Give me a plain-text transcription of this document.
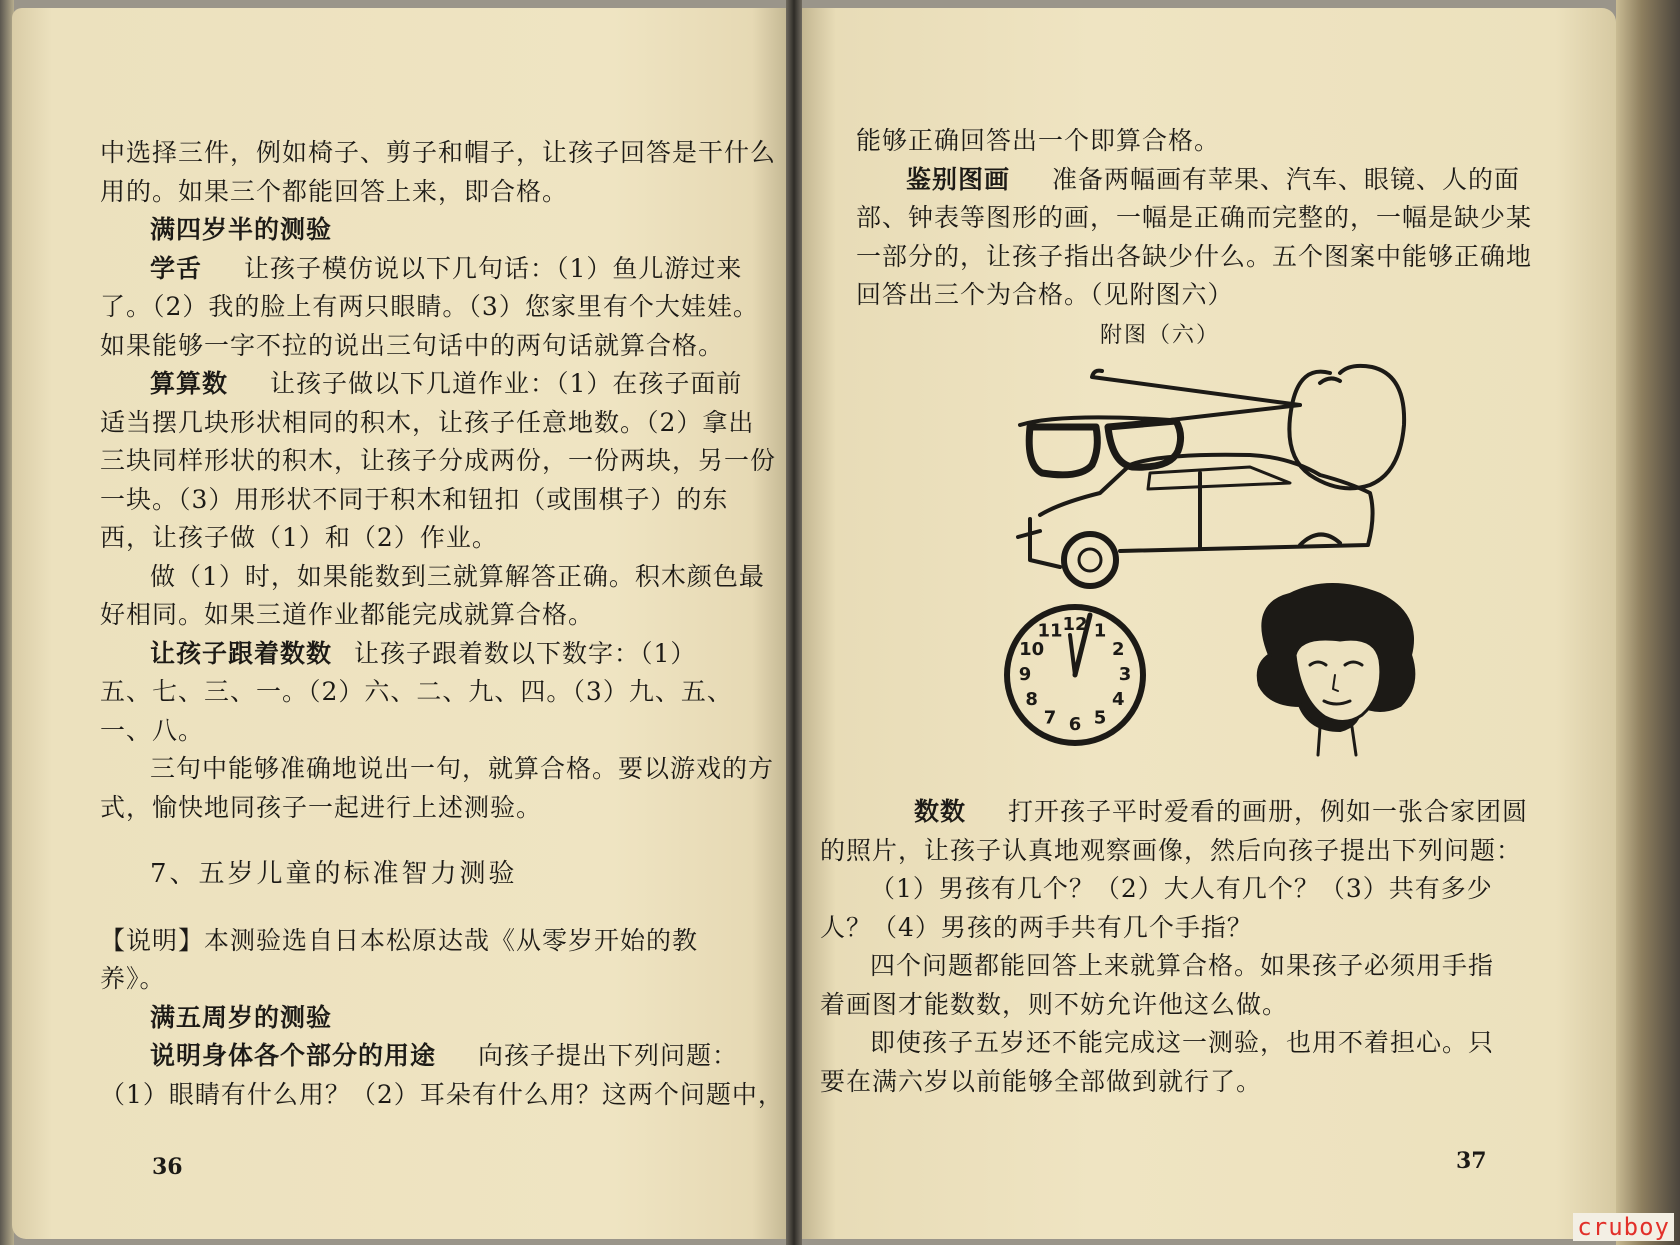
中选择三件，例如椅子、剪子和帽子，让孩子回答是干什么

用的。如果三个都能回答上来，即合格。

满四岁半的测验

学舌 让孩子模仿说以下几句话：（1）鱼儿游过来

了。（2）我的脸上有两只眼睛。（3）您家里有个大娃娃。

如果能够一字不拉的说出三句话中的两句话就算合格。

算算数 让孩子做以下几道作业：（1）在孩子面前

适当摆几块形状相同的积木，让孩子任意地数。（2）拿出

三块同样形状的积木，让孩子分成两份，一份两块，另一份

一块。（3）用形状不同于积木和钮扣（或围棋子）的东

西，让孩子做（1）和（2）作业。

做（1）时，如果能数到三就算解答正确。积木颜色最

好相同。如果三道作业都能完成就算合格。

让孩子跟着数数 让孩子跟着数以下数字：（1）

五、七、三、一。（2）六、二、九、四。（3）九、五、

一、八。

三句中能够准确地说出一句，就算合格。要以游戏的方

式，愉快地同孩子一起进行上述测验。

7、五岁儿童的标准智力测验

【说明】本测验选自日本松原达哉《从零岁开始的教

养》。

满五周岁的测验

说明身体各个部分的用途 向孩子提出下列问题：

（1）眼睛有什么用？（2）耳朵有什么用？这两个问题中，

36

能够正确回答出一个即算合格。

鉴别图画 准备两幅画有苹果、汽车、眼镜、人的面

部、钟表等图形的画，一幅是正确而完整的，一幅是缺少某

一部分的，让孩子指出各缺少什么。五个图案中能够正确地

回答出三个为合格。（见附图六）

附图（六）
12 1
2
3
4
5
6
7
8
9
10
11

数数 打开孩子平时爱看的画册，例如一张合家团圆

的照片，让孩子认真地观察画像，然后向孩子提出下列问题：

（1）男孩有几个？（2）大人有几个？（3）共有多少

人？（4）男孩的两手共有几个手指？

四个问题都能回答上来就算合格。如果孩子必须用手指

着画图才能数数，则不妨允许他这么做。

即使孩子五岁还不能完成这一测验，也用不着担心。只

要在满六岁以前能够全部做到就行了。

37
cruboy
